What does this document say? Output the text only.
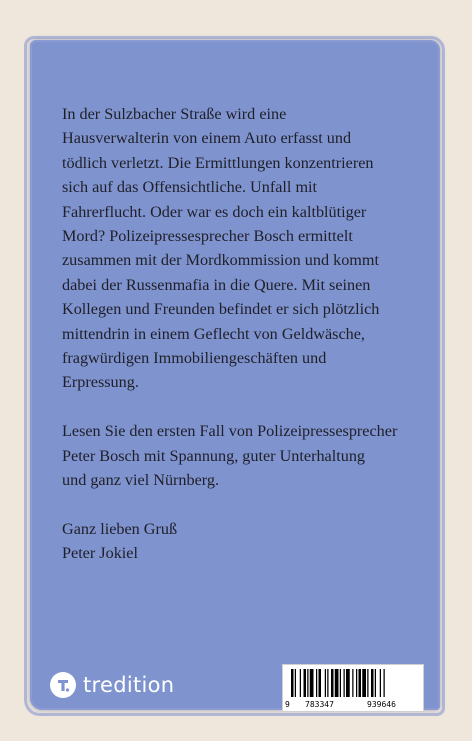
In der Sulzbacher Straße wird eine
Hausverwalterin von einem Auto erfasst und
tödlich verletzt. Die Ermittlungen konzentrieren
sich auf das Offensichtliche. Unfall mit
Fahrerflucht. Oder war es doch ein kaltblütiger
Mord? Polizeipressesprecher Bosch ermittelt
zusammen mit der Mordkommission und kommt
dabei der Russenmafia in die Quere. Mit seinen
Kollegen und Freunden befindet er sich plötzlich
mittendrin in einem Geflecht von Geldwäsche,
fragwürdigen Immobiliengeschäften und
Erpressung.
Lesen Sie den ersten Fall von Polizeipressesprecher
Peter Bosch mit Spannung, guter Unterhaltung
und ganz viel Nürnberg.
Ganz lieben Gruß
Peter Jokiel
tredition
9 783347	939646
